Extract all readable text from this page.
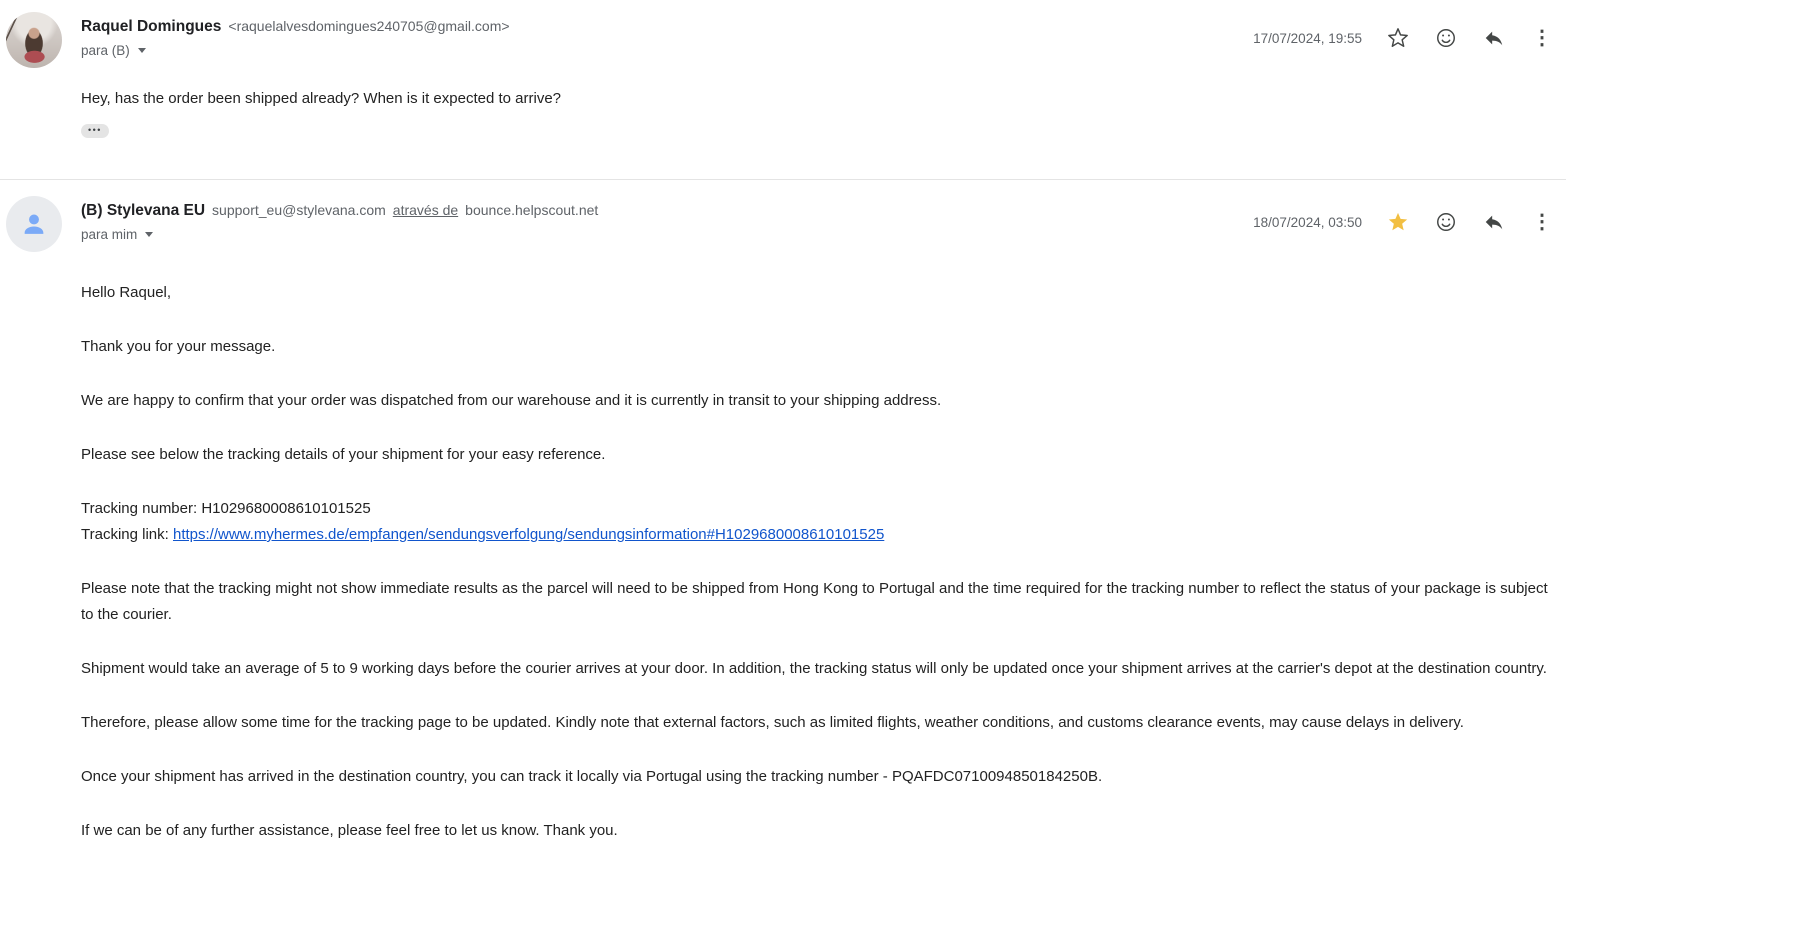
Raquel Domingues <raquelalvesdomingues240705@gmail.com>
para (B)
17/07/2024, 19:55	⋮

Hey, has the order been shipped already? When is it expected to arrive?

•••
(B) Stylevana EU support_eu@stylevana.com através de bounce.helpscout.net
para mim
18/07/2024, 03:50	⋮

Hello Raquel,

Thank you for your message.

We are happy to confirm that your order was dispatched from our warehouse and it is currently in transit to your shipping address.

Please see below the tracking details of your shipment for your easy reference.

Tracking number: H1029680008610101525
Tracking link: https://www.myhermes.de/empfangen/sendungsverfolgung/sendungsinformation#H1029680008610101525

Please note that the tracking might not show immediate results as the parcel will need to be shipped from Hong Kong to Portugal and the time required for the tracking number to reflect the status of your package is subject to the courier.

Shipment would take an average of 5 to 9 working days before the courier arrives at your door. In addition, the tracking status will only be updated once your shipment arrives at the carrier's depot at the destination country.

Therefore, please allow some time for the tracking page to be updated. Kindly note that external factors, such as limited flights, weather conditions, and customs clearance events, may cause delays in delivery.

Once your shipment has arrived in the destination country, you can track it locally via Portugal using the tracking number - PQAFDC0710094850184250B.

If we can be of any further assistance, please feel free to let us know. Thank you.
